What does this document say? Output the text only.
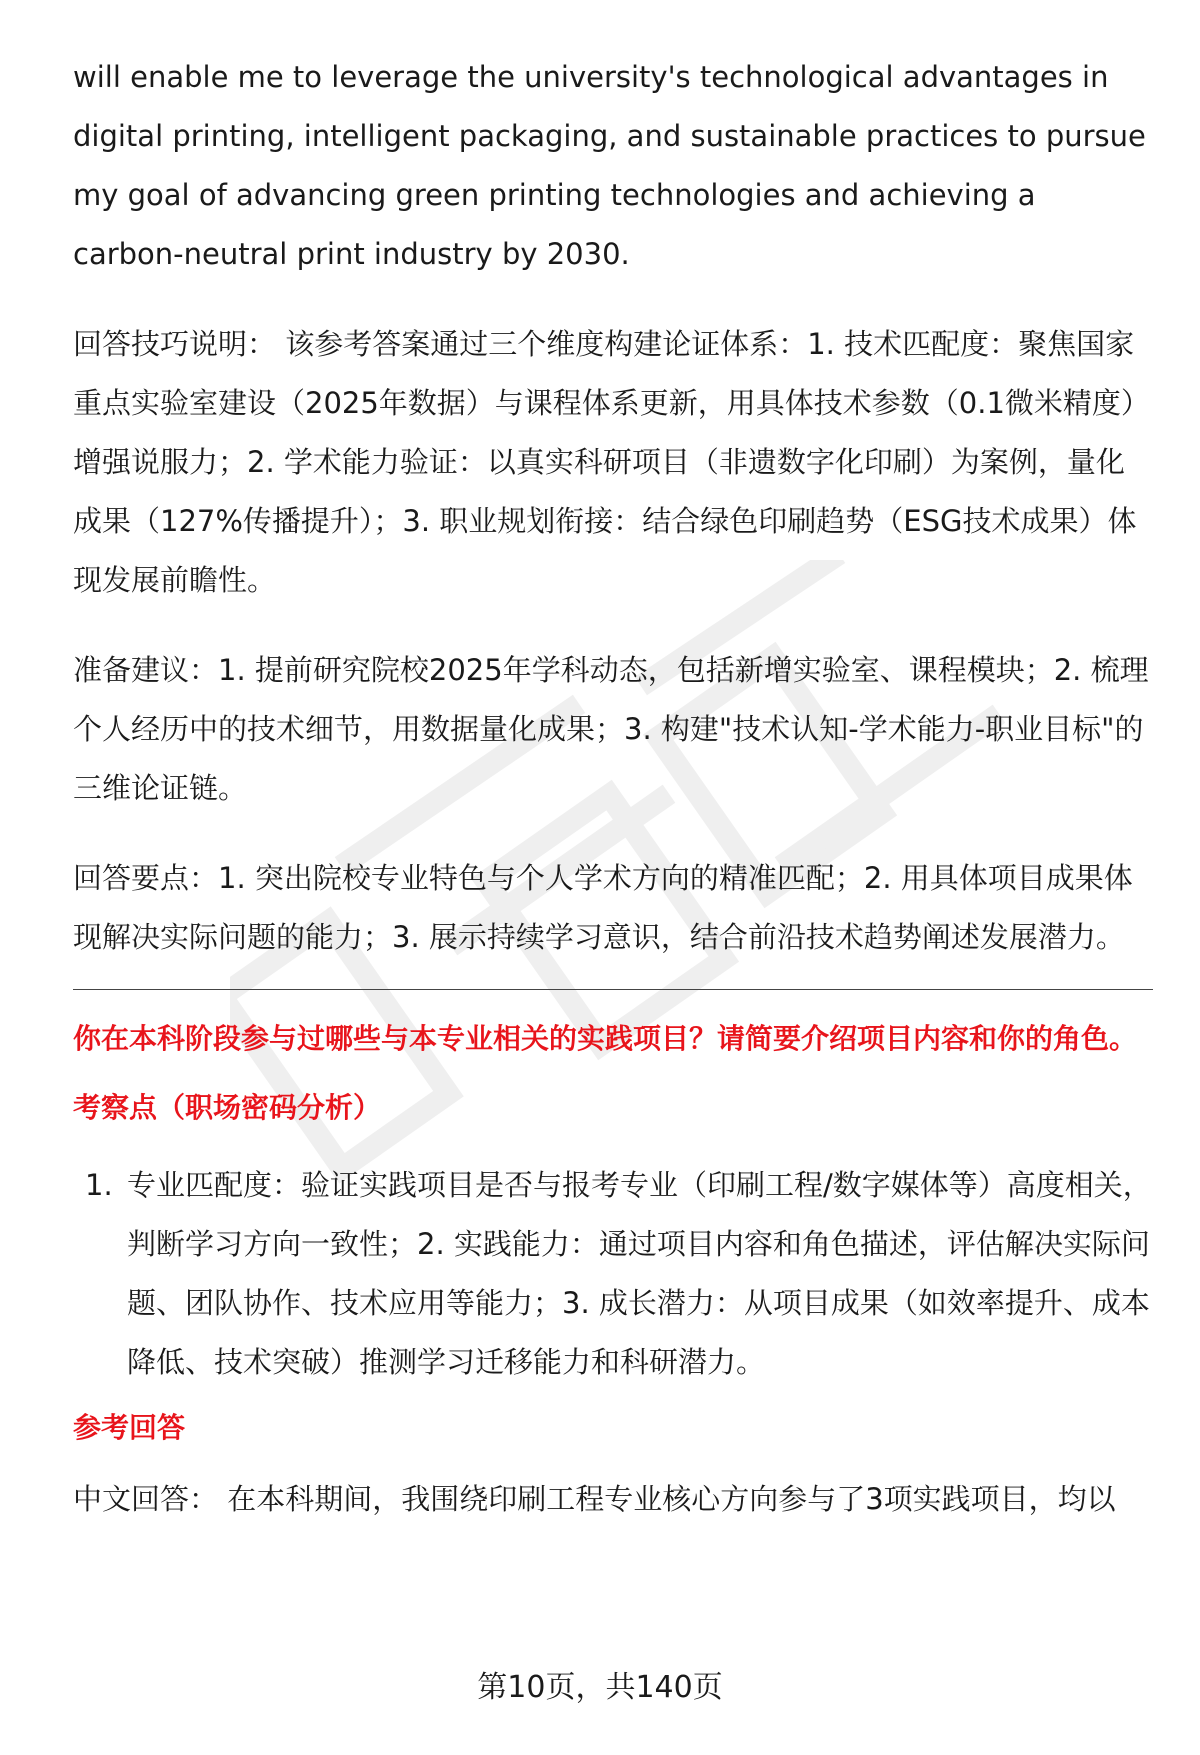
will enable me to leverage the university's technological advantages in digital printing, intelligent packaging, and sustainable practices to pursue my goal of advancing green printing technologies and achieving a carbon-neutral print industry by 2030.

回答技巧说明： 该参考答案通过三个维度构建论证体系：1. 技术匹配度：聚焦国家重点实验室建设（2025年数据）与课程体系更新，用具体技术参数（0.1微米精度）增强说服力；2. 学术能力验证：以真实科研项目（非遗数字化印刷）为案例，量化成果（127%传播提升）；3. 职业规划衔接：结合绿色印刷趋势（ESG技术成果）体现发展前瞻性。

准备建议：1. 提前研究院校2025年学科动态，包括新增实验室、课程模块；2. 梳理个人经历中的技术细节，用数据量化成果；3. 构建"技术认知-学术能力-职业目标"的三维论证链。

回答要点：1. 突出院校专业特色与个人学术方向的精准匹配；2. 用具体项目成果体现解决实际问题的能力；3. 展示持续学习意识，结合前沿技术趋势阐述发展潜力。

你在本科阶段参与过哪些与本专业相关的实践项目？请简要介绍项目内容和你的角色。
考察点（职场密码分析）
1. 专业匹配度：验证实践项目是否与报考专业（印刷工程/数字媒体等）高度相关，判断学习方向一致性；2. 实践能力：通过项目内容和角色描述，评估解决实际问题、团队协作、技术应用等能力；3. 成长潜力：从项目成果（如效率提升、成本降低、技术突破）推测学习迁移能力和科研潜力。
参考回答

中文回答： 在本科期间，我围绕印刷工程专业核心方向参与了3项实践项目，均以

第10页，共140页
